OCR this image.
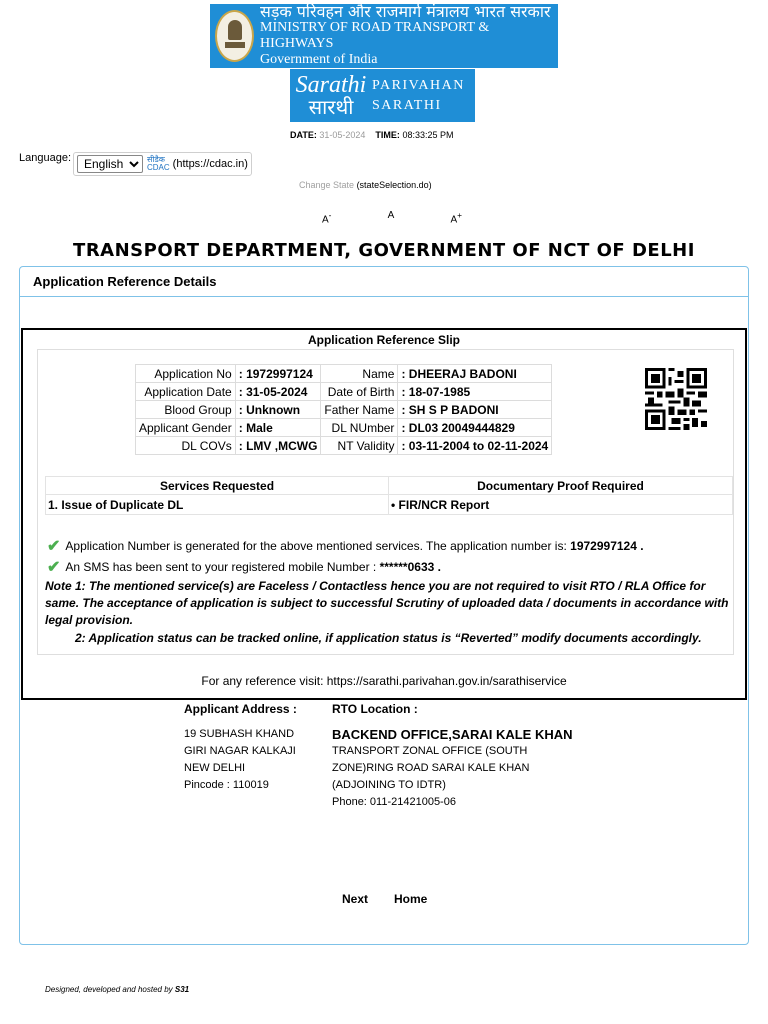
सड़क परिवहन और राजमार्ग मंत्रालय भारत सरकार
MINISTRY OF ROAD TRANSPORT & HIGHWAYS
Government of India
Sarathi
सारथी
PARIVAHAN
SARATHI
DATE: 31-05-2024 TIME: 08:33:25 PM
Language:
English	सीडैक
CDAC (https://cdac.in)
Change State (stateSelection.do)
A-	A	A+
TRANSPORT DEPARTMENT, GOVERNMENT OF NCT OF DELHI
Application Reference Details
Application Reference Slip
Application No	: 1972997124	Name	: DHEERAJ BADONI
Application Date	: 31-05-2024	Date of Birth	: 18-07-1985
Blood Group	: Unknown	Father Name	: SH S P BADONI
Applicant Gender	: Male	DL NUmber	: DL03 20049444829
DL COVs	: LMV ,MCWG	NT Validity	: 03-11-2004 to 02-11-2024
Services Requested	Documentary Proof Required
1. Issue of Duplicate DL	• FIR/NCR Report
✔ Application Number is generated for the above mentioned services. The application number is:
1972997124 .
✔ An SMS has been sent to your registered mobile Number :
******0633 .
Note 1: The mentioned service(s) are Faceless / Contactless hence you are not required to visit RTO / RLA Office for same. The acceptance of application is subject to successful Scrutiny of uploaded data / documents in accordance with legal provision.
2: Application status can be tracked online, if application status is “Reverted” modify documents accordingly.
For any reference visit: https://sarathi.parivahan.gov.in/sarathiservice
Applicant Address :
19 SUBHASH KHAND
GIRI NAGAR KALKAJI
NEW DELHI
Pincode : 110019
RTO Location :
BACKEND OFFICE,SARAI KALE KHAN
TRANSPORT ZONAL OFFICE (SOUTH
ZONE)RING ROAD SARAI KALE KHAN
(ADJOINING TO IDTR)
Phone: 011-21421005-06
Next Home
Designed, developed and hosted by S31
